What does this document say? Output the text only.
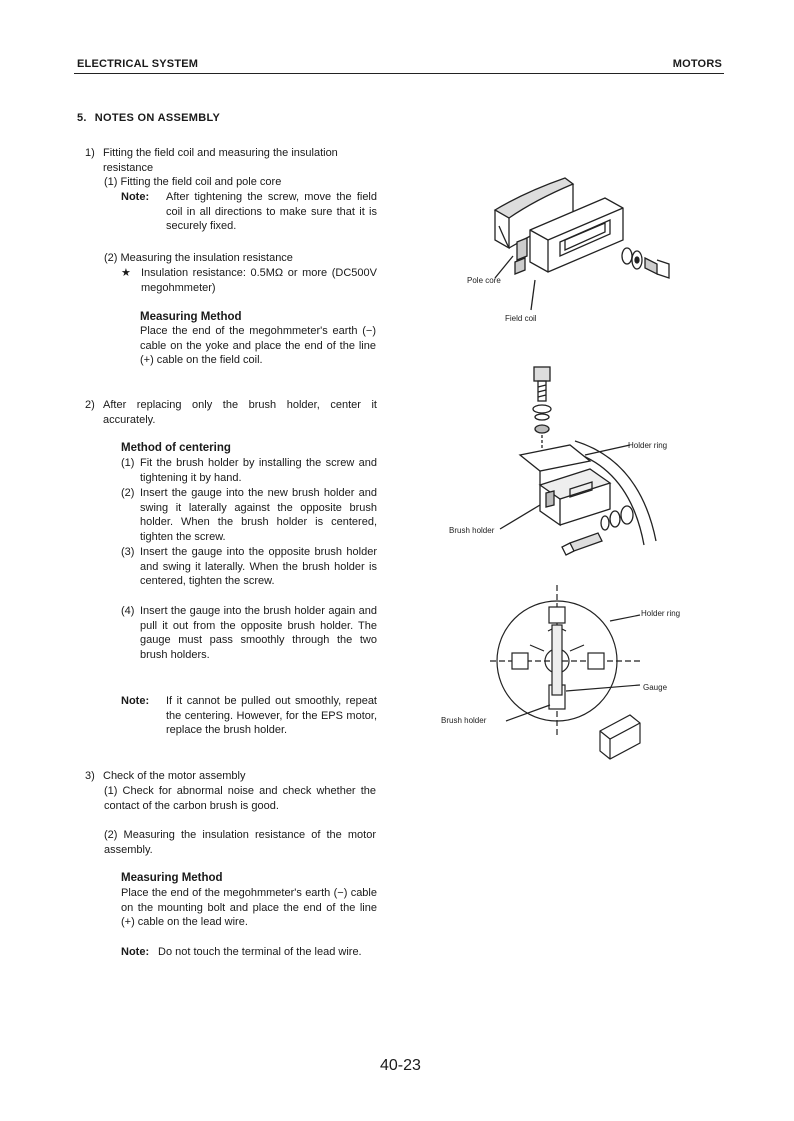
ELECTRICAL SYSTEM	MOTORS
5. NOTES ON ASSEMBLY
1) Fitting the field coil and measuring the insulation resistance
(1) Fitting the field coil and pole core
Note:	After tightening the screw, move the field coil in all directions to make sure that it is securely fixed.
(2) Measuring the insulation resistance
★ Insulation resistance: 0.5MΩ or more (DC500V megohmmeter)
Measuring Method
Place the end of the megohmmeter's earth (−) cable on the yoke and place the end of the line (+) cable on the field coil.
2) After replacing only the brush holder, center it accurately.
Method of centering
(1) Fit the brush holder by installing the screw and tightening it by hand.
(2) Insert the gauge into the new brush holder and swing it laterally against the opposite brush holder. When the brush holder is centered, tighten the screw.
(3) Insert the gauge into the opposite brush holder and swing it laterally. When the brush holder is centered, tighten the screw.
(4) Insert the gauge into the brush holder again and pull it out from the opposite brush holder. The gauge must pass smoothly through the two brush holders.
Note:	If it cannot be pulled out smoothly, repeat the centering. However, for the EPS motor, replace the brush holder.
3) Check of the motor assembly
(1) Check for abnormal noise and check whether the contact of the carbon brush is good.
(2) Measuring the insulation resistance of the motor assembly.
Measuring Method
Place the end of the megohmmeter's earth (−) cable on the mounting bolt and place the end of the line (+) cable on the lead wire.
Note: Do not touch the terminal of the lead wire.
Pole core
Field coil
Holder ring
Brush holder
Holder ring
Gauge
Brush holder
40-23
